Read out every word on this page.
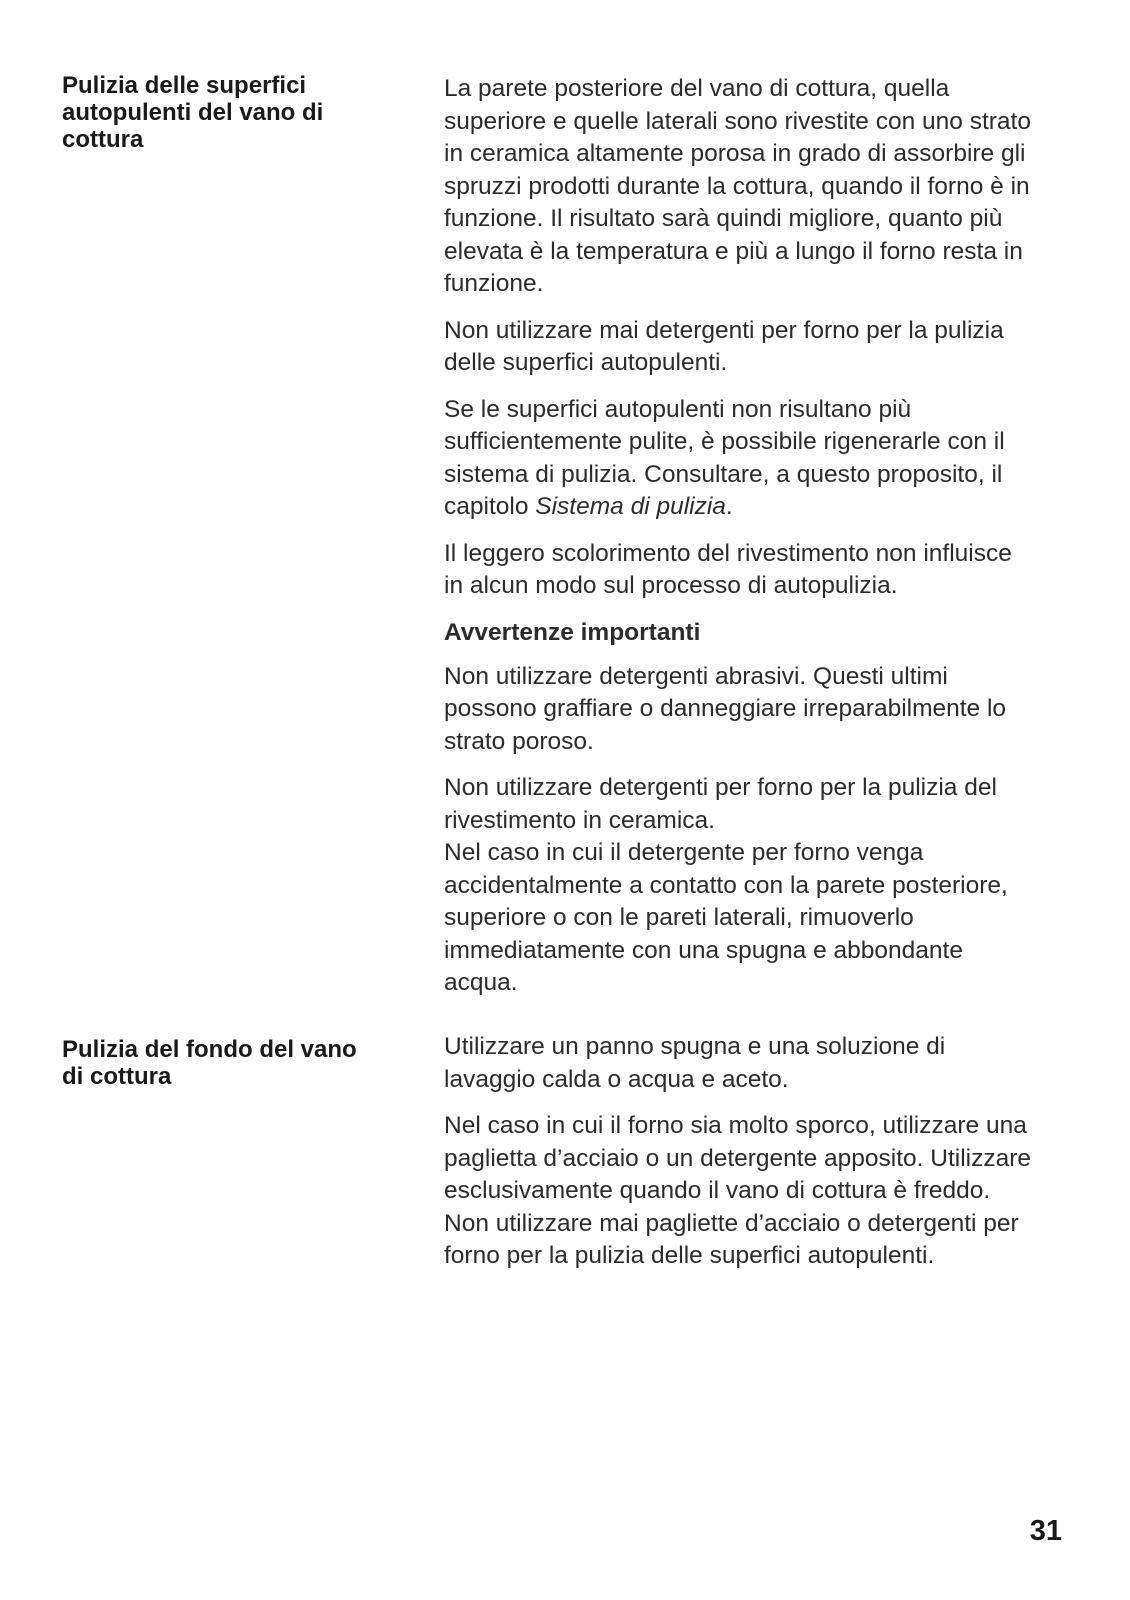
Pulizia delle superfici
autopulenti del vano di
cottura

La parete posteriore del vano di cottura, quella
superiore e quelle laterali sono rivestite con uno strato
in ceramica altamente porosa in grado di assorbire gli
spruzzi prodotti durante la cottura, quando il forno è in
funzione. Il risultato sarà quindi migliore, quanto più
elevata è la temperatura e più a lungo il forno resta in
funzione.

Non utilizzare mai detergenti per forno per la pulizia
delle superfici autopulenti.

Se le superfici autopulenti non risultano più
sufficientemente pulite, è possibile rigenerarle con il
sistema di pulizia. Consultare, a questo proposito, il
capitolo Sistema di pulizia.

Il leggero scolorimento del rivestimento non influisce
in alcun modo sul processo di autopulizia.

Avvertenze importanti

Non utilizzare detergenti abrasivi. Questi ultimi
possono graffiare o danneggiare irreparabilmente lo
strato poroso.

Non utilizzare detergenti per forno per la pulizia del
rivestimento in ceramica.
Nel caso in cui il detergente per forno venga
accidentalmente a contatto con la parete posteriore,
superiore o con le pareti laterali, rimuoverlo
immediatamente con una spugna e abbondante
acqua.

Pulizia del fondo del vano
di cottura

Utilizzare un panno spugna e una soluzione di
lavaggio calda o acqua e aceto.

Nel caso in cui il forno sia molto sporco, utilizzare una
paglietta d’acciaio o un detergente apposito. Utilizzare
esclusivamente quando il vano di cottura è freddo.
Non utilizzare mai pagliette d’acciaio o detergenti per
forno per la pulizia delle superfici autopulenti.

31
